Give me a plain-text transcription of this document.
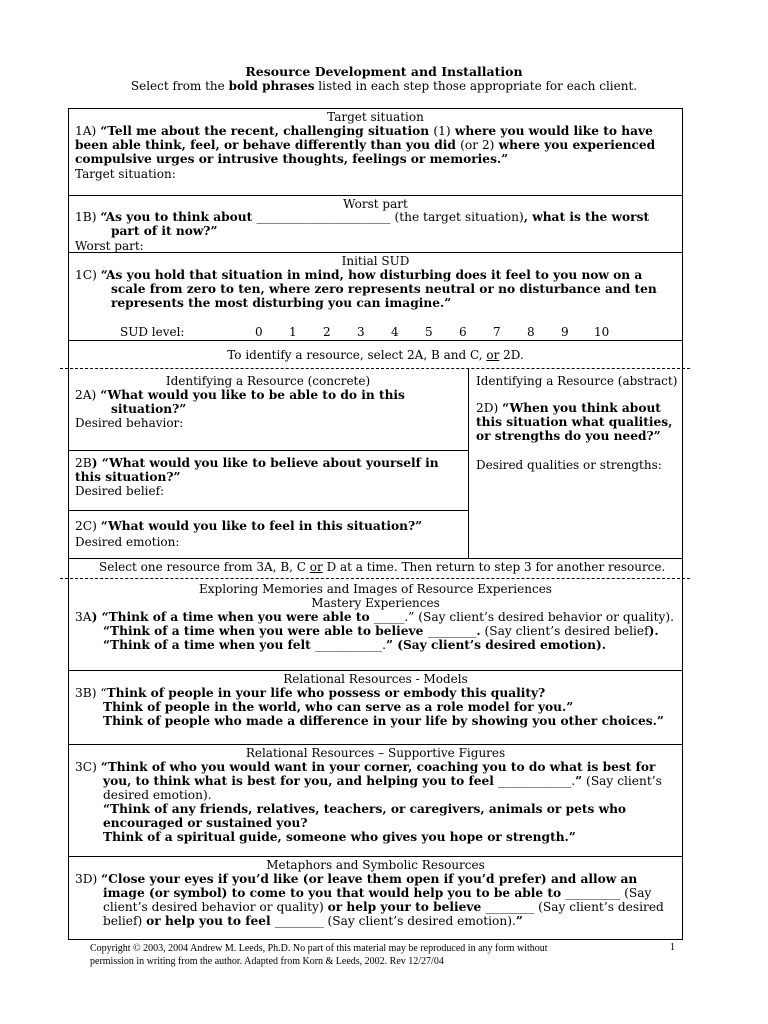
Resource Development and Installation
Select from the bold phrases listed in each step those appropriate for each client.
Target situation
1A) “Tell me about the recent, challenging situation (1) where you would like to have been able think, feel, or behave differently than you did (or 2) where you experienced compulsive urges or intrusive thoughts, feelings or memories.”
Target situation:
Worst part
1B) “As you to think about ______________________ (the target situation), what is the worst
part of it now?”
Worst part:
Initial SUD
1C) “As you hold that situation in mind, how disturbing does it feel to you now on a
scale from zero to ten, where zero represents neutral or no disturbance and ten
represents the most disturbing you can imagine.”
SUD level:	0 1 2 3 4 5 6 7 8 9 10
To identify a resource, select 2A, B and C, or 2D.
Identifying a Resource (concrete)
2A) “What would you like to be able to do in this
situation?”
Desired behavior:
Identifying a Resource (abstract)
2D) “When you think about
this situation what qualities,
or strengths do you need?”
Desired qualities or strengths:
2B) “What would you like to believe about yourself in
this situation?”
Desired belief:
2C) “What would you like to feel in this situation?”
Desired emotion:
Select one resource from 3A, B, C or D at a time. Then return to step 3 for another resource.
Exploring Memories and Images of Resource Experiences
Mastery Experiences
3A) “Think of a time when you were able to _____.” (Say client’s desired behavior or quality).
“Think of a time when you were able to believe ________. (Say client’s desired belief).
“Think of a time when you felt ___________.” (Say client’s desired emotion).
Relational Resources - Models
3B) “Think of people in your life who possess or embody this quality?
Think of people in the world, who can serve as a role model for you.”
Think of people who made a difference in your life by showing you other choices.”
Relational Resources – Supportive Figures
3C) “Think of who you would want in your corner, coaching you to do what is best for
you, to think what is best for you, and helping you to feel ____________.” (Say client’s
desired emotion).
“Think of any friends, relatives, teachers, or caregivers, animals or pets who
encouraged or sustained you?
Think of a spiritual guide, someone who gives you hope or strength.”
Metaphors and Symbolic Resources
3D) “Close your eyes if you’d like (or leave them open if you’d prefer) and allow an
image (or symbol) to come to you that would help you to be able to _________ (Say
client’s desired behavior or quality) or help your to believe ________ (Say client’s desired
belief) or help you to feel ________ (Say client’s desired emotion).”
Copyright © 2003, 2004 Andrew M. Leeds, Ph.D. No part of this material may be reproduced in any form without
permission in writing from the author. Adapted from Korn & Leeds, 2002. Rev 12/27/04
1
